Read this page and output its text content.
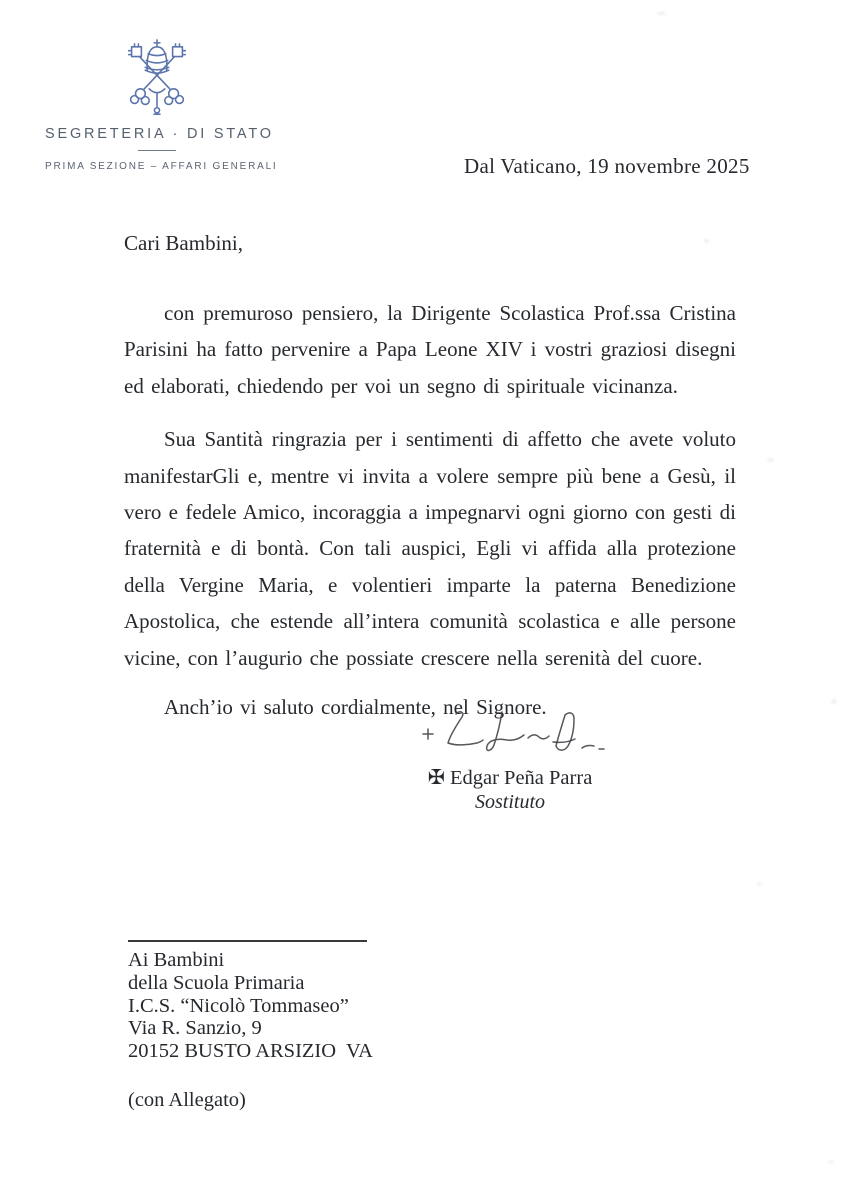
SEGRETERIA · DI STATO
PRIMA SEZIONE – AFFARI GENERALI	Dal Vaticano, 19 novembre 2025
Cari Bambini,

con premuroso pensiero, la Dirigente Scolastica Prof.ssa Cristina Parisini ha fatto pervenire a Papa Leone XIV i vostri graziosi disegni ed elaborati, chiedendo per voi un segno di spirituale vicinanza.

Sua Santità ringrazia per i sentimenti di affetto che avete voluto manifestarGli e, mentre vi invita a volere sempre più bene a Gesù, il vero e fedele Amico, incoraggia a impegnarvi ogni giorno con gesti di fraternità e di bontà. Con tali auspici, Egli vi affida alla protezione della Vergine Maria, e volentieri imparte la paterna Benedizione Apostolica, che estende all’intera comunità scolastica e alle persone vicine, con l’augurio che possiate crescere nella serenità del cuore.

Anch’io vi saluto cordialmente, nel Signore.

✠ Edgar Peña Parra
Sostituto
Ai Bambini
della Scuola Primaria
I.C.S. “Nicolò Tommaseo”
Via R. Sanzio, 9
20152 BUSTO ARSIZIO  VA
(con Allegato)
